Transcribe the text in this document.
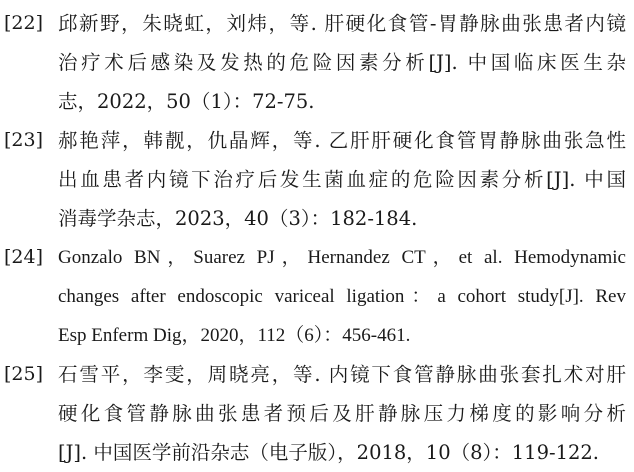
[22] 邱新野，朱晓虹，刘炜，等. 肝硬化食管-胃静脉曲张患者内镜
治疗术后感染及发热的危险因素分析[J]. 中国临床医生杂
志，2022，50（1）：72-75.
[23] 郝艳萍，韩靓，仇晶辉，等. 乙肝肝硬化食管胃静脉曲张急性
出血患者内镜下治疗后发生菌血症的危险因素分析[J]. 中国
消毒学杂志，2023，40（3）：182-184.
[24] Gonzalo BN，Suarez PJ，Hernandez CT，et al. Hemodynamic
changes after endoscopic variceal ligation：a cohort study[J]. Rev
Esp Enferm Dig，2020，112（6）：456-461.
[25] 石雪平，李雯，周晓亮，等. 内镜下食管静脉曲张套扎术对肝
硬化食管静脉曲张患者预后及肝静脉压力梯度的影响分析
[J]. 中国医学前沿杂志（电子版），2018，10（8）：119-122.
